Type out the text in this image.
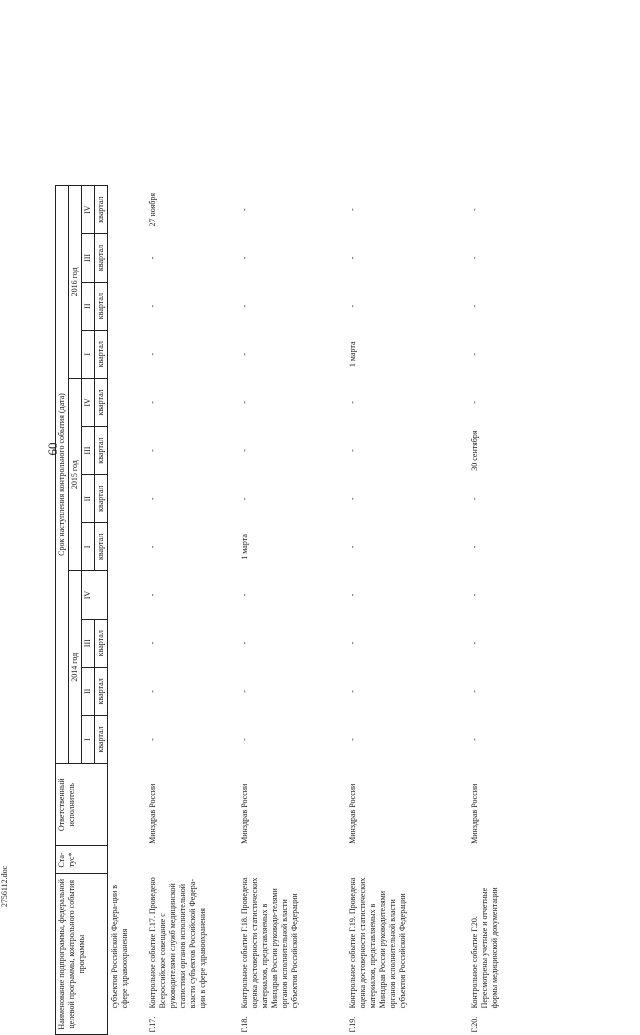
60
2756112.doc	Наименование подпрограммы, федеральной целевой программы, контрольного события программы		Ста-тус*	Ответственный исполнитель	Срок наступления контрольного события (дата)											
				2014 год				2015 год				2016 год			
				I	II	III	IV	I	II	III	IV	I	II	III	IV
				квартал	квартал	квартал		квартал	квартал	квартал	квартал	квартал	квартал	квартал	квартал
	субъектов Российской Федера-ции в сфере здравоохранения														
Г.17.	Контрольное событие Г.17. Проведено Всероссийское совещание с руководителями служб медицинской статистики органов исполнительной власти субъектов Российской Федера-ции в сфере здравоохранения		Минздрав России	-	-	-	-	-	-	-	-	-	-	-	27 ноября
Г.18.	Контрольное событие Г.18. Проведена оценка достоверности статистических материалов, представляемых в Минздрав России руководи-телями органов исполнительной власти субъектов Российской Федерации		Минздрав России	-	-	-	-	1 марта	-	-	-	-	-	-	-
Г.19.	Контрольное событие Г.19. Проведена оценка достоверности статистических материалов, представляемых в Минздрав России руководителями органов исполнительной власти субъектов Российской Федерации		Минздрав России	-	-	-	-	-	-	-	-	1 марта	-	-	-
Г.20.	Контрольное событие Г.20. Пересмотрены учетные и отчетные формы медицинской документации		Минздрав России	-	-	-	-	-	-	30 сентября	-	-	-	-	-
